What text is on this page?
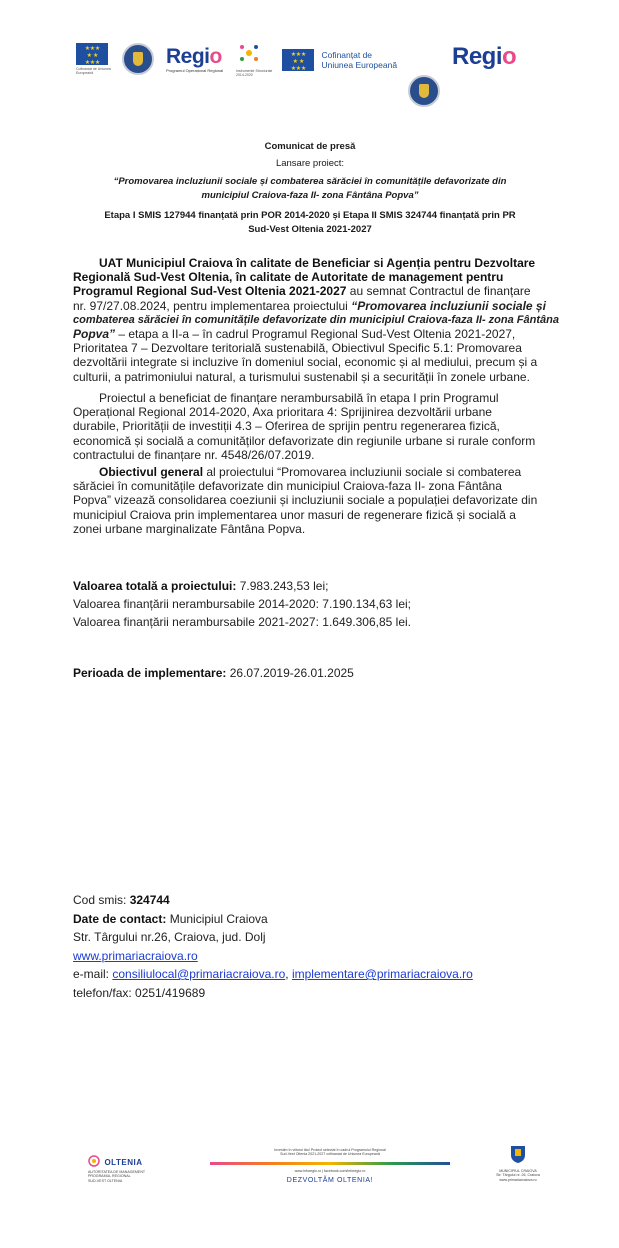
★ ★ ★
★   ★
★ ★ ★
Cofinanțat de Uniunea Europeană
Regio
Programul Operațional Regional	Instrumente Structurale 2014-2020
★ ★ ★
★   ★
★ ★ ★

Cofinanțat de
Uniunea Europeană Regio
Comunicat de presă
Lansare proiect:
“Promovarea incluziunii sociale și combaterea sărăciei în comunitățile defavorizate din
municipiul Craiova-faza II- zona Fântâna Popva”
Etapa I SMIS 127944 finanțată prin POR 2014-2020 și Etapa II SMIS 324744 finanțată prin PR
Sud-Vest Oltenia 2021-2027
UAT Municipiul Craiova în calitate de Beneficiar si Agenția pentru Dezvoltare
Regională Sud-Vest Oltenia, în calitate de Autoritate de management pentru
Programul Regional Sud-Vest Oltenia 2021-2027 au semnat Contractul de finanțare
nr. 97/27.08.2024, pentru implementarea proiectului “Promovarea incluziunii sociale și
combaterea sărăciei în comunitățile defavorizate din municipiul Craiova-faza II- zona Fântâna
Popva” – etapa a II-a – în cadrul Programul Regional Sud-Vest Oltenia 2021-2027,
Prioritatea 7 – Dezvoltare teritorială sustenabilă, Obiectivul Specific 5.1: Promovarea
dezvoltării integrate si incluzive în domeniul social, economic și al mediului, precum și a
culturii, a patrimoniului natural, a turismului sustenabil și a securității în zonele urbane.
Proiectul a beneficiat de finanțare nerambursabilă în etapa I prin Programul
Operațional Regional 2014-2020, Axa prioritara 4: Sprijinirea dezvoltării urbane
durabile, Priorității de investiții 4.3 – Oferirea de sprijin pentru regenerarea fizică,
economică și socială a comunităților defavorizate din regiunile urbane si rurale conform
contractului de finanțare nr. 4548/26/07.2019.
Obiectivul general al proiectului “Promovarea incluziunii sociale si combaterea
sărăciei în comunitățile defavorizate din municipiul Craiova-faza II- zona Fântâna
Popva” vizează consolidarea coeziunii și incluziunii sociale a populației defavorizate din
municipiul Craiova prin implementarea unor masuri de regenerare fizică și socială a
zonei urbane marginalizate Fântâna Popva.
Valoarea totală a proiectului: 7.983.243,53 lei;
Valoarea finanțării nerambursabile 2014-2020: 7.190.134,63 lei;
Valoarea finanțării nerambursabile 2021-2027: 1.649.306,85 lei.
Perioada de implementare: 26.07.2019-26.01.2025
Cod smis: 324744
Date de contact: Municipiul Craiova
Str. Târgului nr.26, Craiova, jud. Dolj
www.primariacraiova.ro
e-mail: consiliulocal@primariacraiova.ro, implementare@primariacraiova.ro
telefon/fax: 0251/419689
OLTENIA
AUTORITATEA DE MANAGEMENT
PROGRAMUL REGIONAL
SUD-VEST OLTENIA
Investim în viitorul tău! Proiect selectat în cadrul Programului Regional
Sud-Vest Oltenia 2021-2027 cofinanțat de Uniunea Europeană
www.inforegio.ro | facebook.com/inforegio.ro
DEZVOLTĂM OLTENIA!
MUNICIPIUL CRAIOVA
Str. Târgului nr. 26, Craiova
www.primariacraiova.ro
